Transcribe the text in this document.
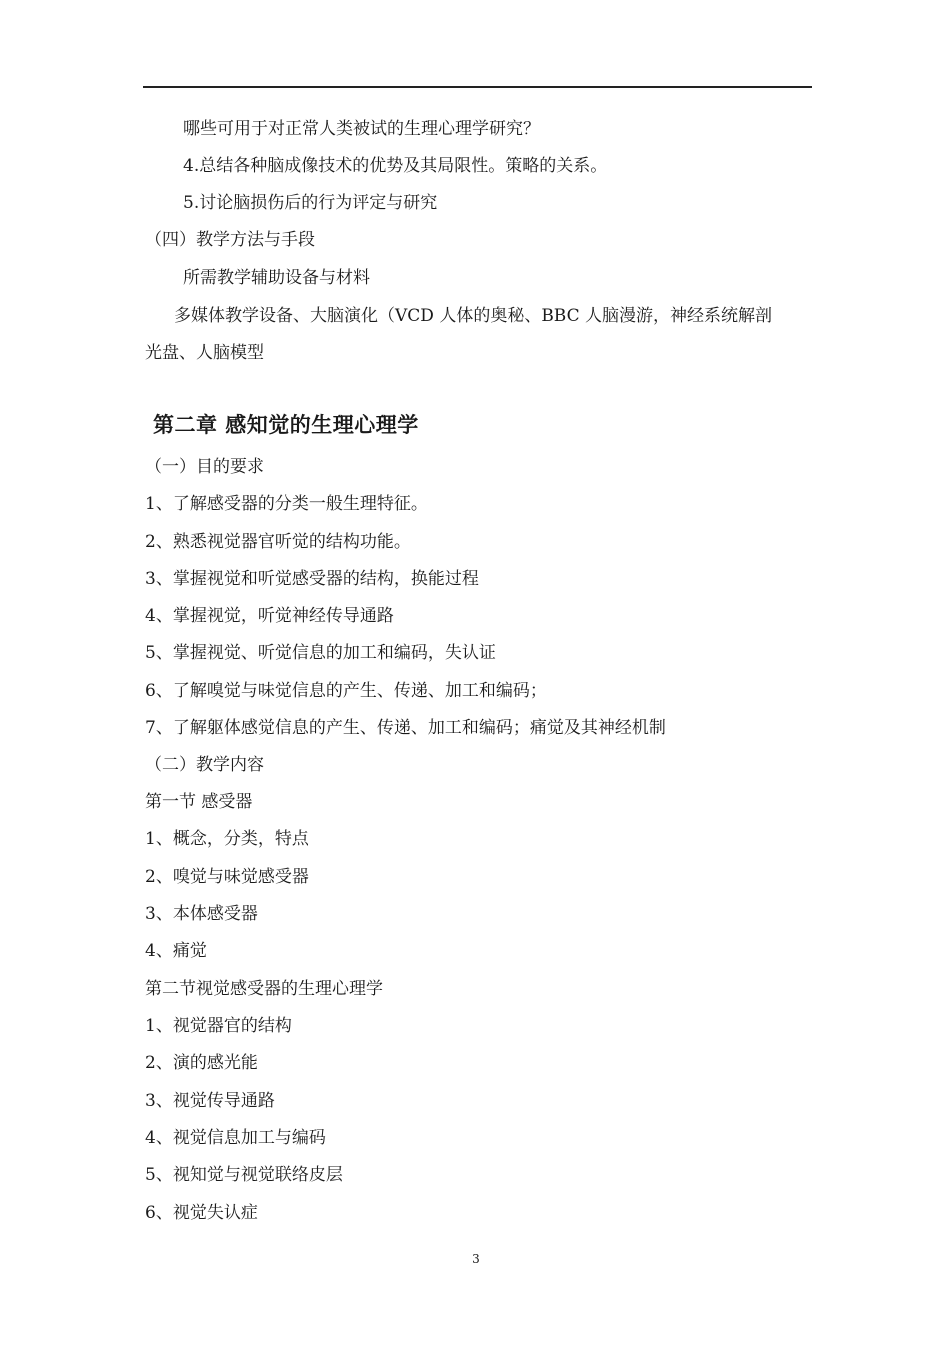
哪些可用于对正常人类被试的生理心理学研究？
4.总结各种脑成像技术的优势及其局限性。策略的关系。
5.讨论脑损伤后的行为评定与研究
（四）教学方法与手段
所需教学辅助设备与材料
多媒体教学设备、大脑演化（VCD 人体的奥秘、BBC 人脑漫游，神经系统解剖
光盘、人脑模型
第二章 感知觉的生理心理学
（一）目的要求
1、了解感受器的分类一般生理特征。
2、熟悉视觉器官听觉的结构功能。
3、掌握视觉和听觉感受器的结构，换能过程
4、掌握视觉，听觉神经传导通路
5、掌握视觉、听觉信息的加工和编码，失认证
6、了解嗅觉与味觉信息的产生、传递、加工和编码；
7、了解躯体感觉信息的产生、传递、加工和编码；痛觉及其神经机制
（二）教学内容
第一节 感受器
1、概念，分类，特点
2、嗅觉与味觉感受器
3、本体感受器
4、痛觉
第二节视觉感受器的生理心理学
1、视觉器官的结构
2、演的感光能
3、视觉传导通路
4、视觉信息加工与编码
5、视知觉与视觉联络皮层
6、视觉失认症
3
